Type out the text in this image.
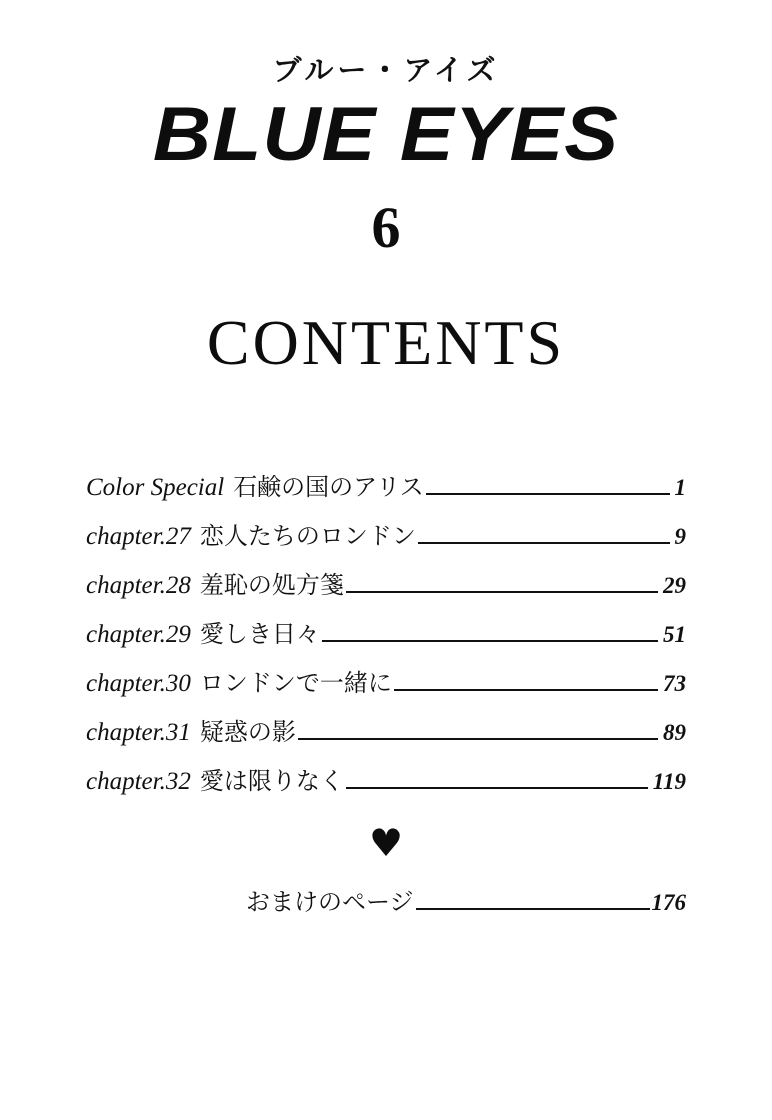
ブルー・アイズ
BLUE EYES
6
CONTENTS
Color Special 石鹸の国のアリス	1
chapter.27 恋人たちのロンドン	9
chapter.28 羞恥の処方箋	29
chapter.29 愛しき日々	51
chapter.30 ロンドンで一緒に	73
chapter.31 疑惑の影	89
chapter.32 愛は限りなく	119
♥
おまけのページ	176
